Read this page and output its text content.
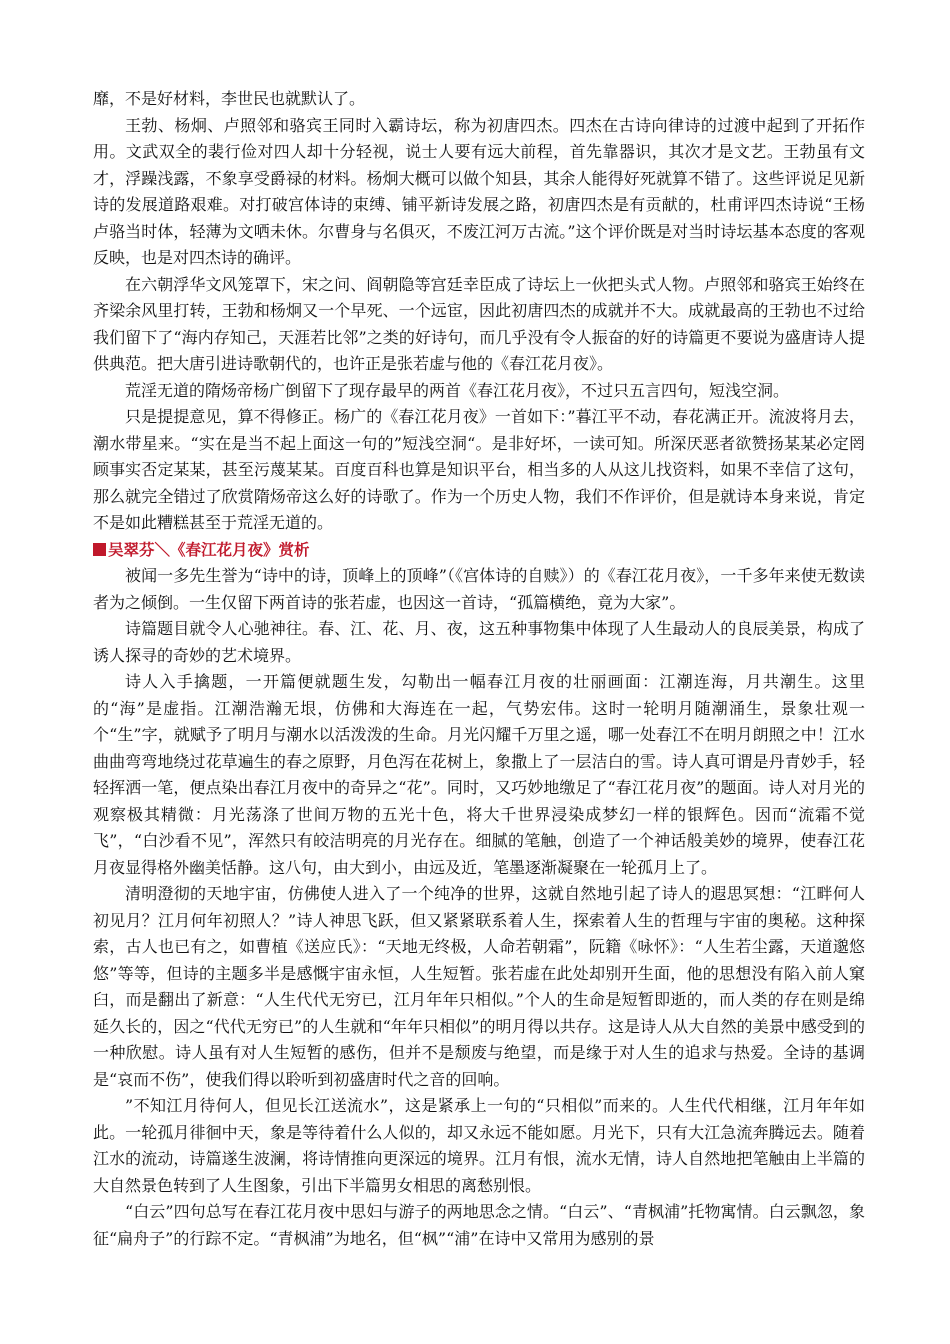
靡，不是好材料，李世民也就默认了。

王勃、杨炯、卢照邻和骆宾王同时入霸诗坛，称为初唐四杰。四杰在古诗向律诗的过渡中起到了开拓作用。文武双全的裴行俭对四人却十分轻视，说士人要有远大前程，首先靠器识，其次才是文艺。王勃虽有文才，浮躁浅露，不象享受爵禄的材料。杨炯大概可以做个知县，其余人能得好死就算不错了。这些评说足见新诗的发展道路艰难。对打破宫体诗的束缚、铺平新诗发展之路，初唐四杰是有贡献的，杜甫评四杰诗说“王杨卢骆当时体，轻薄为文哂未休。尔曹身与名俱灭，不废江河万古流。”这个评价既是对当时诗坛基本态度的客观反映，也是对四杰诗的确评。

在六朝浮华文风笼罩下，宋之问、阎朝隐等宫廷幸臣成了诗坛上一伙把头式人物。卢照邻和骆宾王始终在齐梁余风里打转，王勃和杨炯又一个早死、一个远宦，因此初唐四杰的成就并不大。成就最高的王勃也不过给我们留下了“海内存知己，天涯若比邻”之类的好诗句，而几乎没有令人振奋的好的诗篇更不要说为盛唐诗人提供典范。把大唐引进诗歌朝代的，也许正是张若虚与他的《春江花月夜》。

荒淫无道的隋炀帝杨广倒留下了现存最早的两首《春江花月夜》，不过只五言四句，短浅空洞。

只是提提意见，算不得修正。杨广的《春江花月夜》一首如下：”暮江平不动，春花满正开。流波将月去，潮水带星来。“实在是当不起上面这一句的”短浅空洞“。是非好坏，一读可知。所深厌恶者欲赞扬某某必定罔顾事实否定某某，甚至污蔑某某。百度百科也算是知识平台，相当多的人从这儿找资料，如果不幸信了这句，那么就完全错过了欣赏隋炀帝这么好的诗歌了。作为一个历史人物，我们不作评价，但是就诗本身来说，肯定不是如此糟糕甚至于荒淫无道的。

吴翠芬＼《春江花月夜》赏析

被闻一多先生誉为“诗中的诗，顶峰上的顶峰”（《宫体诗的自赎》）的《春江花月夜》，一千多年来使无数读者为之倾倒。一生仅留下两首诗的张若虚，也因这一首诗，“孤篇横绝，竟为大家”。

诗篇题目就令人心驰神往。春、江、花、月、夜，这五种事物集中体现了人生最动人的良辰美景，构成了诱人探寻的奇妙的艺术境界。

诗人入手擒题，一开篇便就题生发，勾勒出一幅春江月夜的壮丽画面：江潮连海，月共潮生。这里的“海”是虚指。江潮浩瀚无垠，仿佛和大海连在一起，气势宏伟。这时一轮明月随潮涌生，景象壮观一个“生”字，就赋予了明月与潮水以活泼泼的生命。月光闪耀千万里之遥，哪一处春江不在明月朗照之中！江水曲曲弯弯地绕过花草遍生的春之原野，月色泻在花树上，象撒上了一层洁白的雪。诗人真可谓是丹青妙手，轻轻挥洒一笔，便点染出春江月夜中的奇异之“花”。同时，又巧妙地缴足了“春江花月夜”的题面。诗人对月光的观察极其精微：月光荡涤了世间万物的五光十色，将大千世界浸染成梦幻一样的银辉色。因而“流霜不觉飞”，“白沙看不见”，浑然只有皎洁明亮的月光存在。细腻的笔触，创造了一个神话般美妙的境界，使春江花月夜显得格外幽美恬静。这八句，由大到小，由远及近，笔墨逐渐凝聚在一轮孤月上了。

清明澄彻的天地宇宙，仿佛使人进入了一个纯净的世界，这就自然地引起了诗人的遐思冥想：“江畔何人初见月？江月何年初照人？”诗人神思飞跃，但又紧紧联系着人生，探索着人生的哲理与宇宙的奥秘。这种探索，古人也已有之，如曹植《送应氏》：“天地无终极，人命若朝霜”，阮籍《咏怀》：“人生若尘露，天道邈悠悠”等等，但诗的主题多半是感慨宇宙永恒，人生短暂。张若虚在此处却别开生面，他的思想没有陷入前人窠臼，而是翻出了新意：“人生代代无穷已，江月年年只相似。”个人的生命是短暂即逝的，而人类的存在则是绵延久长的，因之“代代无穷已”的人生就和“年年只相似”的明月得以共存。这是诗人从大自然的美景中感受到的一种欣慰。诗人虽有对人生短暂的感伤，但并不是颓废与绝望，而是缘于对人生的追求与热爱。全诗的基调是“哀而不伤”，使我们得以聆听到初盛唐时代之音的回响。

”不知江月待何人，但见长江送流水”，这是紧承上一句的“只相似”而来的。人生代代相继，江月年年如此。一轮孤月徘徊中天，象是等待着什么人似的，却又永远不能如愿。月光下，只有大江急流奔腾远去。随着江水的流动，诗篇遂生波澜，将诗情推向更深远的境界。江月有恨，流水无情，诗人自然地把笔触由上半篇的大自然景色转到了人生图象，引出下半篇男女相思的离愁别恨。

“白云”四句总写在春江花月夜中思妇与游子的两地思念之情。“白云”、“青枫浦”托物寓情。白云飘忽，象征“扁舟子”的行踪不定。“青枫浦”为地名，但“枫”“浦”在诗中又常用为感别的景
